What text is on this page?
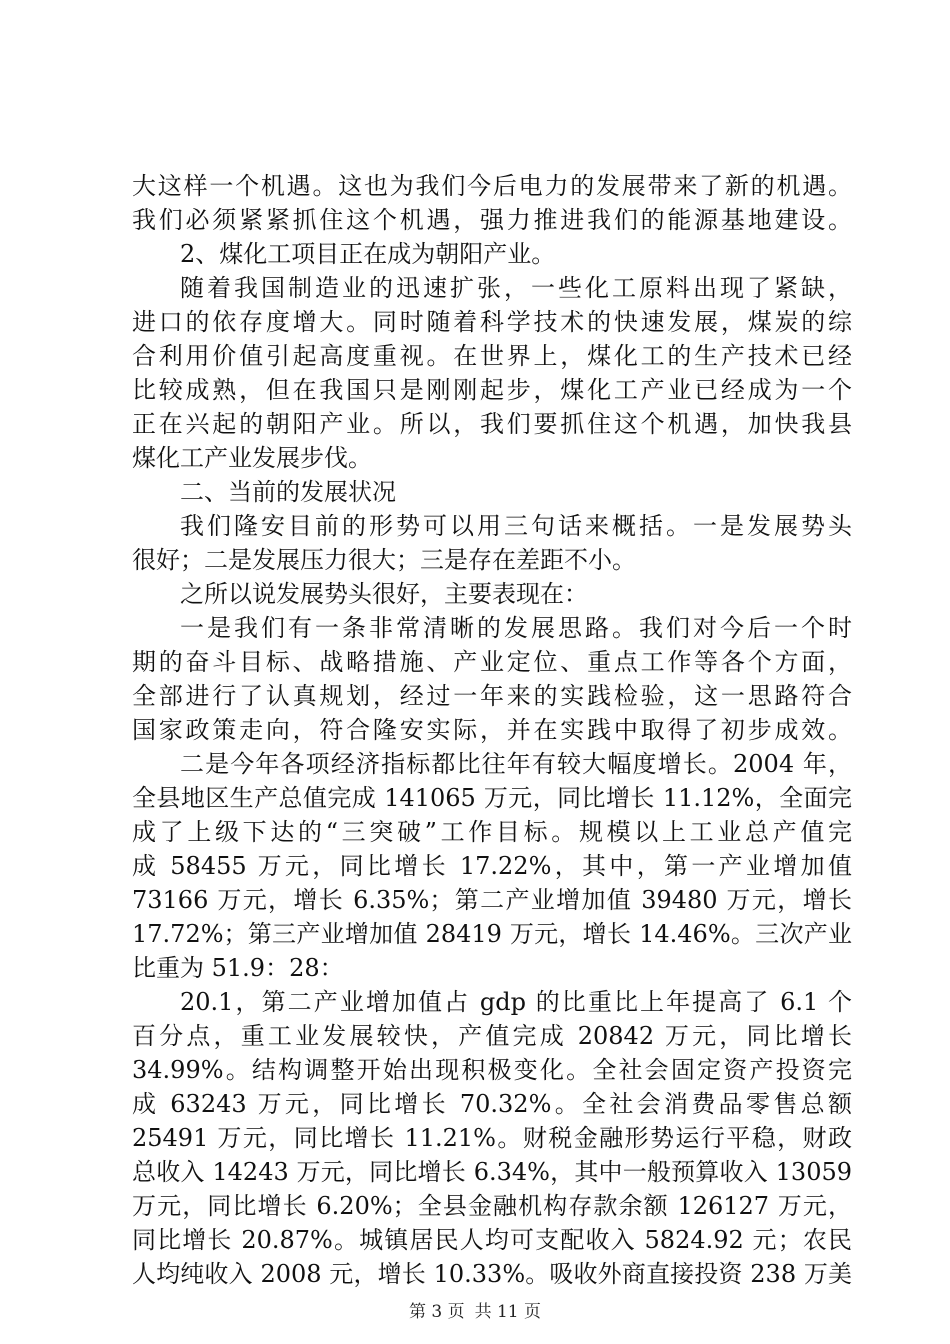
大这样一个机遇。这也为我们今后电力的发展带来了新的机遇。
我们必须紧紧抓住这个机遇，强力推进我们的能源基地建设。
2、煤化工项目正在成为朝阳产业。
随着我国制造业的迅速扩张，一些化工原料出现了紧缺，
进口的依存度增大。同时随着科学技术的快速发展，煤炭的综
合利用价值引起高度重视。在世界上，煤化工的生产技术已经
比较成熟，但在我国只是刚刚起步，煤化工产业已经成为一个
正在兴起的朝阳产业。所以，我们要抓住这个机遇，加快我县
煤化工产业发展步伐。
二、当前的发展状况
我们隆安目前的形势可以用三句话来概括。一是发展势头
很好；二是发展压力很大；三是存在差距不小。
之所以说发展势头很好，主要表现在：
一是我们有一条非常清晰的发展思路。我们对今后一个时
期的奋斗目标、战略措施、产业定位、重点工作等各个方面，
全部进行了认真规划，经过一年来的实践检验，这一思路符合
国家政策走向，符合隆安实际，并在实践中取得了初步成效。
二是今年各项经济指标都比往年有较大幅度增长。2004 年，
全县地区生产总值完成 141065 万元，同比增长 11.12%，全面完
成了上级下达的“三突破”工作目标。规模以上工业总产值完
成 58455 万元，同比增长 17.22%，其中，第一产业增加值
73166 万元，增长 6.35%；第二产业增加值 39480 万元，增长
17.72%；第三产业增加值 28419 万元，增长 14.46%。三次产业
比重为 51.9：28：
20.1，第二产业增加值占 gdp 的比重比上年提高了 6.1 个
百分点，重工业发展较快，产值完成 20842 万元，同比增长
34.99%。结构调整开始出现积极变化。全社会固定资产投资完
成 63243 万元，同比增长 70.32%。全社会消费品零售总额
25491 万元，同比增长 11.21%。财税金融形势运行平稳，财政
总收入 14243 万元，同比增长 6.34%，其中一般预算收入 13059
万元，同比增长 6.20%；全县金融机构存款余额 126127 万元，
同比增长 20.87%。城镇居民人均可支配收入 5824.92 元；农民
人均纯收入 2008 元，增长 10.33%。吸收外商直接投资 238 万美
第 3 页 共 11 页
